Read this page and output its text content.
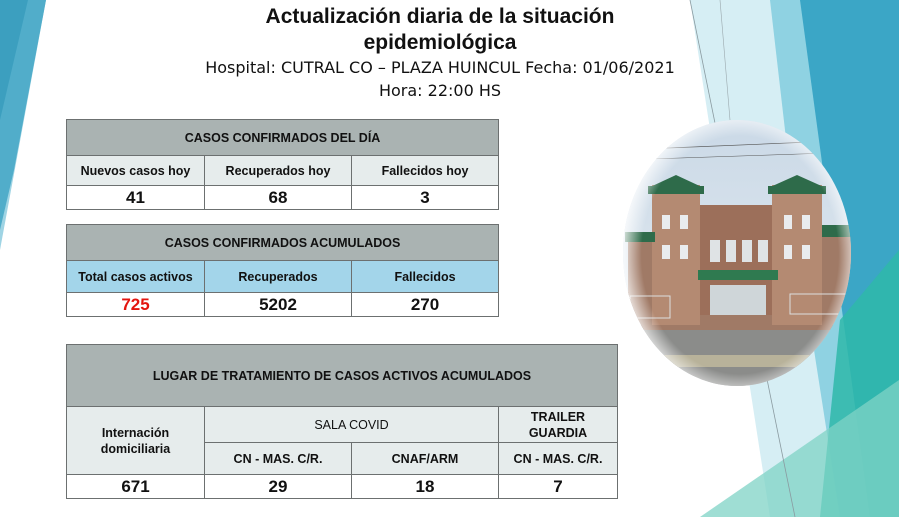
Actualización diaria de la situación
epidemiológica
Hospital: CUTRAL CO – PLAZA HUINCUL Fecha: 01/06/2021
Hora: 22:00 HS
CASOS CONFIRMADOS DEL DÍA		
Nuevos casos hoy	Recuperados hoy	Fallecidos hoy
41	68	3
CASOS CONFIRMADOS ACUMULADOS		
Total casos activos	Recuperados	Fallecidos
725	5202	270
LUGAR DE TRATAMIENTO DE CASOS ACTIVOS ACUMULADOS			
Internación domiciliaria	SALA COVID		TRAILER
GUARDIA

	CN - MAS. C/R.	CNAF/ARM	CN - MAS. C/R.
671	29	18	7
